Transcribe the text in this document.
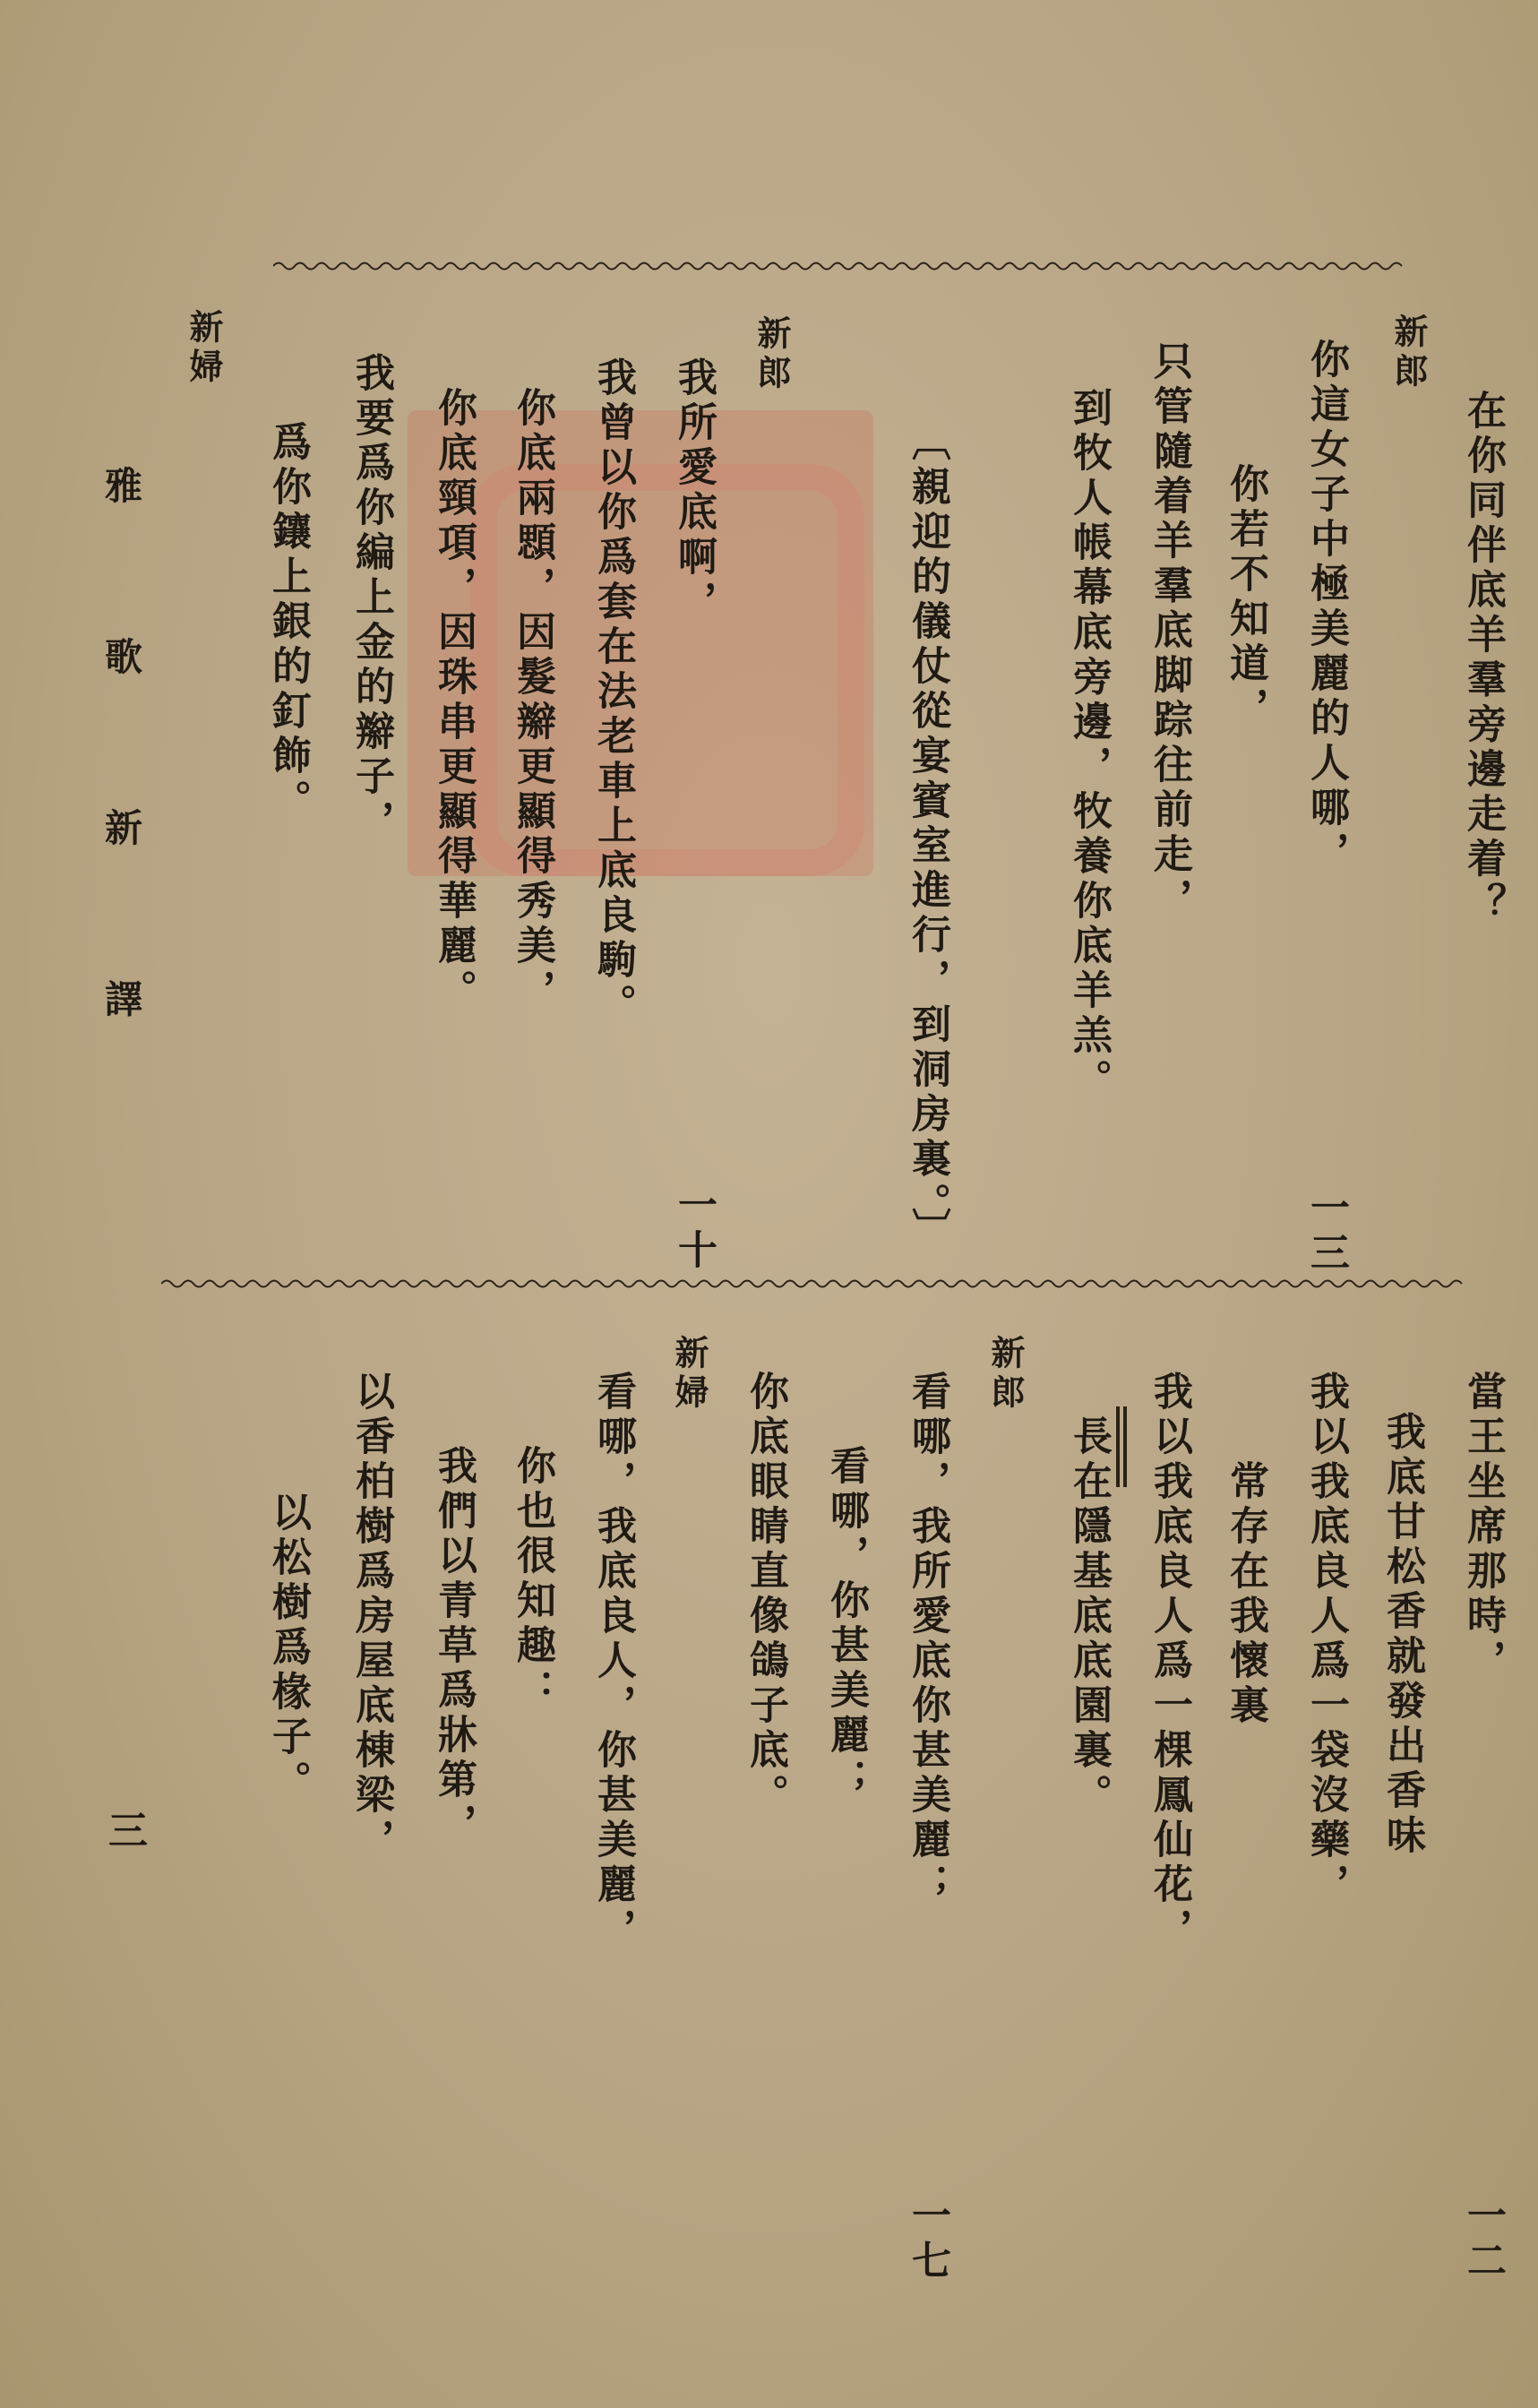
在你同伴底羊羣旁邊走着？
新郎
你這女子中極美麗的人哪，
你若不知道，
只管隨着羊羣底脚踪往前走，
到牧人帳幕底旁邊，牧養你底羊羔。
〔親迎的儀仗從宴賓室進行，到洞房裏。〕
新郎
我所愛底啊，
我曾以你爲套在法老車上底良駒。
你底兩顋，因髮辮更顯得秀美，
你底頸項，因珠串更顯得華麗。
我要爲你編上金的辮子，
爲你鑲上銀的釘飾。
新婦
一二
一三
一十
當王坐席那時，
我底甘松香就發出香味
我以我底良人爲一袋沒藥，
常存在我懷裏
我以我底良人爲一棵鳳仙花，
長在隱基底底園裏。
新郎
看哪，我所愛底你甚美麗；
看哪，你甚美麗；
你底眼睛直像鴿子底。
新婦
看哪，我底良人，你甚美麗，
你也很知趣：
我們以青草爲牀第，
以香柏樹爲房屋底棟梁，
以松樹爲椽子。
一七
雅 歌 新 譯
三
